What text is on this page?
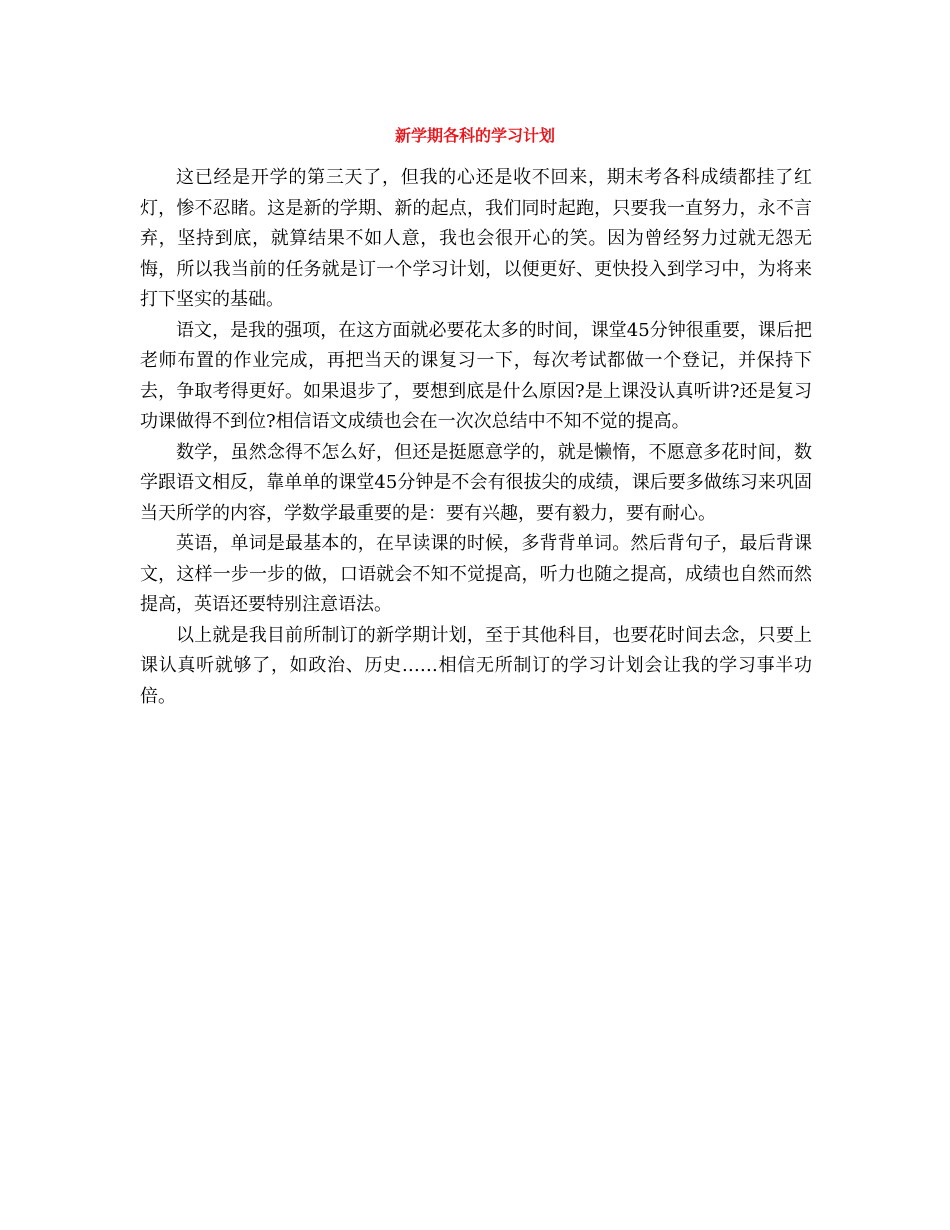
新学期各科的学习计划

这已经是开学的第三天了，但我的心还是收不回来，期末考各科成绩都挂了红灯，惨不忍睹。这是新的学期、新的起点，我们同时起跑，只要我一直努力，永不言弃，坚持到底，就算结果不如人意，我也会很开心的笑。因为曾经努力过就无怨无悔，所以我当前的任务就是订一个学习计划，以便更好、更快投入到学习中，为将来打下坚实的基础。

语文，是我的强项，在这方面就必要花太多的时间，课堂45分钟很重要，课后把老师布置的作业完成，再把当天的课复习一下，每次考试都做一个登记，并保持下去，争取考得更好。如果退步了，要想到底是什么原因?是上课没认真听讲?还是复习功课做得不到位?相信语文成绩也会在一次次总结中不知不觉的提高。

数学，虽然念得不怎么好，但还是挺愿意学的，就是懒惰，不愿意多花时间，数学跟语文相反，靠单单的课堂45分钟是不会有很拔尖的成绩，课后要多做练习来巩固当天所学的内容，学数学最重要的是：要有兴趣，要有毅力，要有耐心。

英语，单词是最基本的，在早读课的时候，多背背单词。然后背句子，最后背课文，这样一步一步的做，口语就会不知不觉提高，听力也随之提高，成绩也自然而然提高，英语还要特别注意语法。

以上就是我目前所制订的新学期计划，至于其他科目，也要花时间去念，只要上课认真听就够了，如政治、历史……相信无所制订的学习计划会让我的学习事半功倍。
